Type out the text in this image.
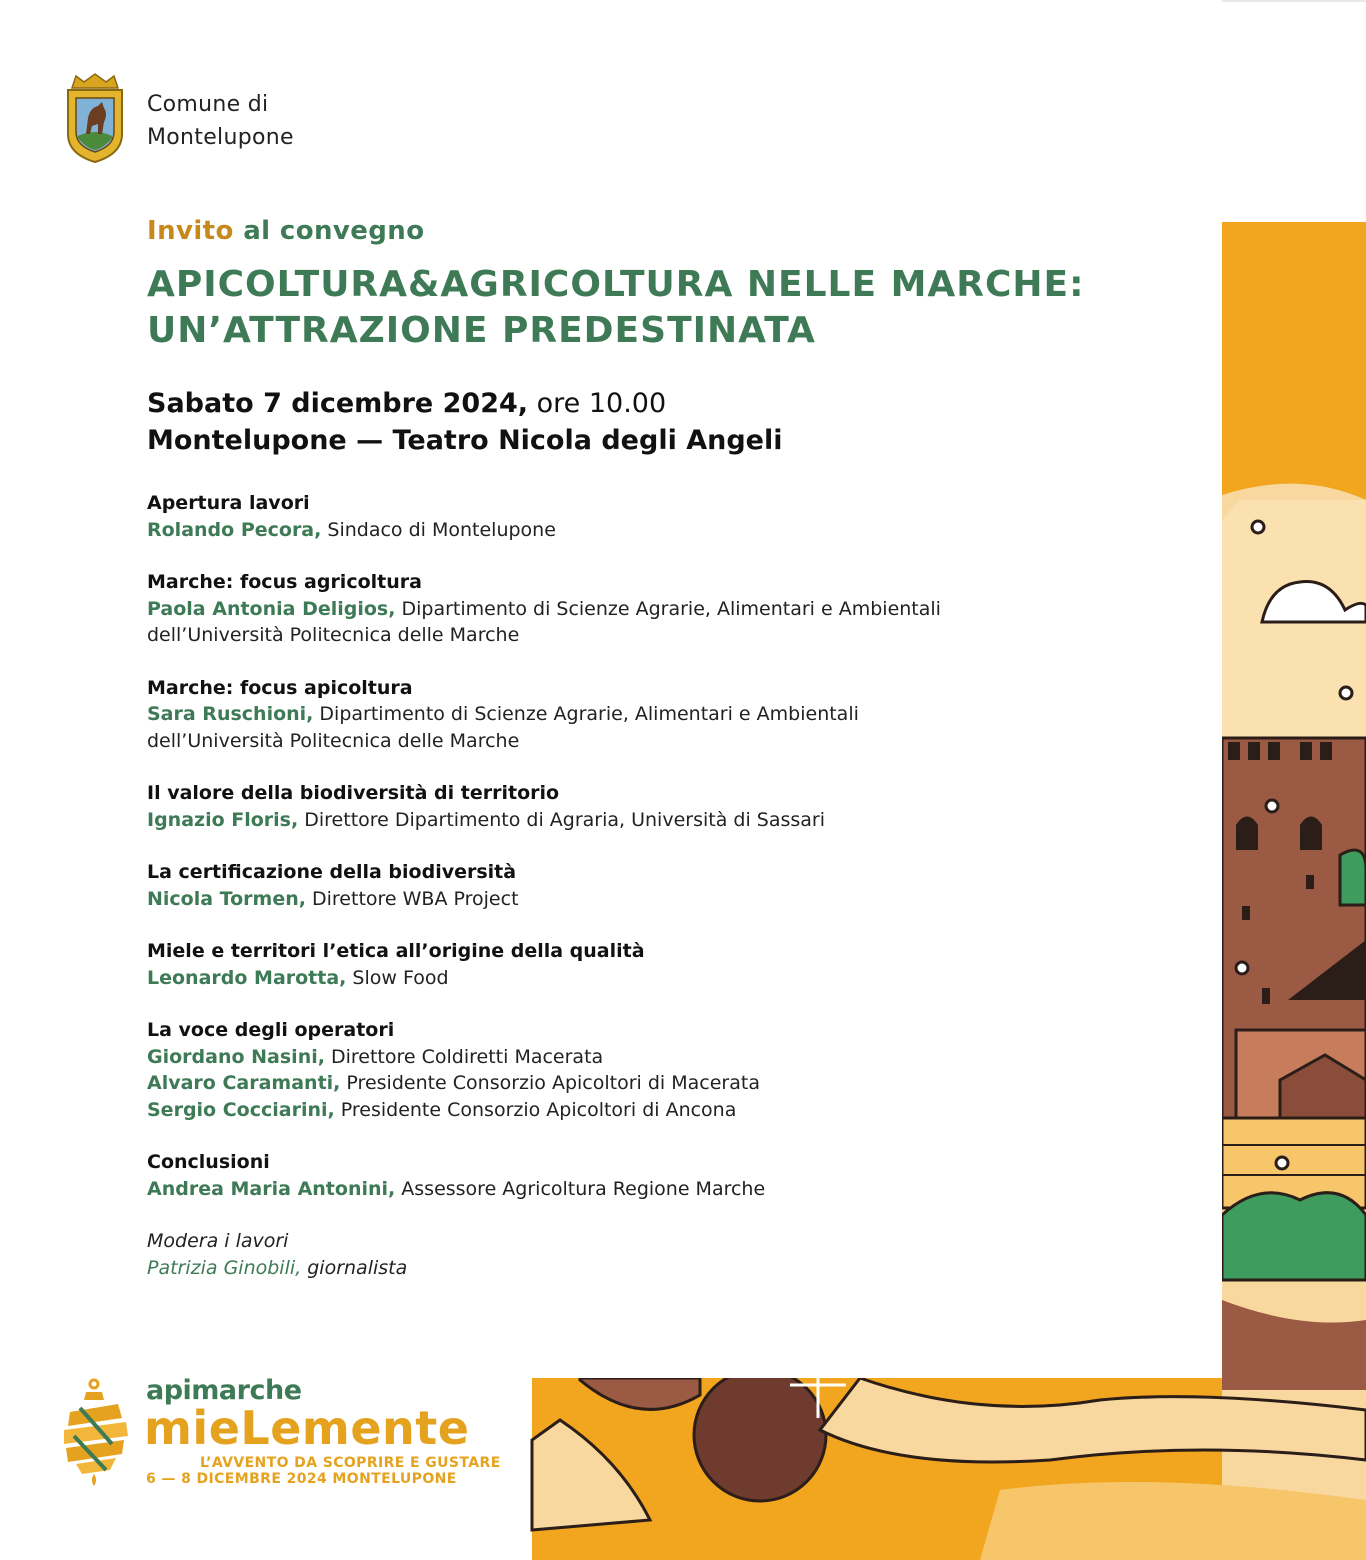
Comune di
Montelupone
Invito al convegno
APICOLTURA&AGRICOLTURA NELLE MARCHE:
UN’ATTRAZIONE PREDESTINATA
Sabato 7 dicembre 2024, ore 10.00
Montelupone — Teatro Nicola degli Angeli
Apertura lavori
Rolando Pecora, Sindaco di Montelupone
Marche: focus agricoltura
Paola Antonia Deligios, Dipartimento di Scienze Agrarie, Alimentari e Ambientali
dell’Università Politecnica delle Marche
Marche: focus apicoltura
Sara Ruschioni, Dipartimento di Scienze Agrarie, Alimentari e Ambientali
dell’Università Politecnica delle Marche
Il valore della biodiversità di territorio
Ignazio Floris, Direttore Dipartimento di Agraria, Università di Sassari
La certificazione della biodiversità
Nicola Tormen, Direttore WBA Project
Miele e territori l’etica all’origine della qualità
Leonardo Marotta, Slow Food
La voce degli operatori
Giordano Nasini, Direttore Coldiretti Macerata
Alvaro Caramanti, Presidente Consorzio Apicoltori di Macerata
Sergio Cocciarini, Presidente Consorzio Apicoltori di Ancona
Conclusioni
Andrea Maria Antonini, Assessore Agricoltura Regione Marche
Modera i lavori
Patrizia Ginobili, giornalista
apimarche
mieLemente
L’AVVENTO DA SCOPRIRE E GUSTARE
6 — 8 DICEMBRE 2024 MONTELUPONE
